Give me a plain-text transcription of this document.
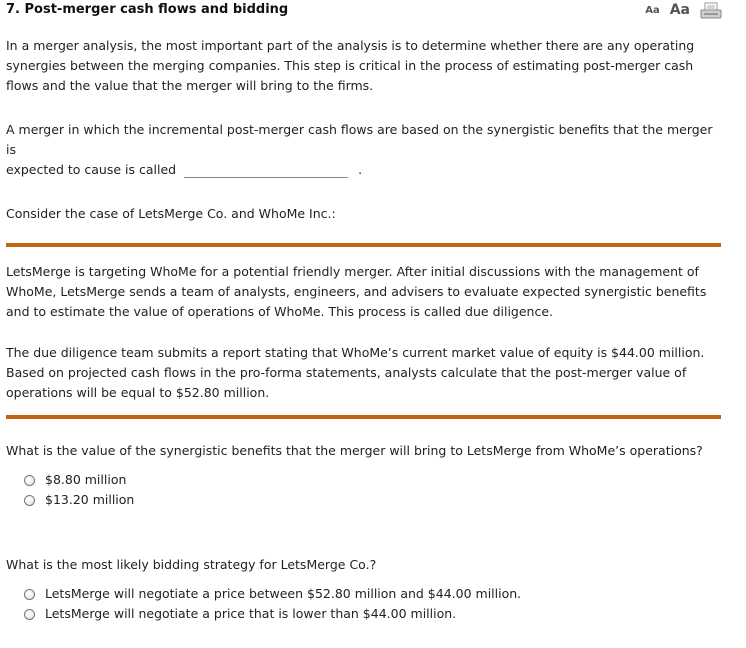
7. Post-merger cash flows and bidding	Aa Aa
In a merger analysis, the most important part of the analysis is to determine whether there are any operating synergies between the merging companies. This step is critical in the process of estimating post-merger cash flows and the value that the merger will bring to the firms.
A merger in which the incremental post-merger cash flows are based on the synergistic benefits that the merger is
expected to cause is called	.
Consider the case of LetsMerge Co. and WhoMe Inc.:
LetsMerge is targeting WhoMe for a potential friendly merger. After initial discussions with the management of WhoMe, LetsMerge sends a team of analysts, engineers, and advisers to evaluate expected synergistic benefits and to estimate the value of operations of WhoMe. This process is called due diligence.
The due diligence team submits a report stating that WhoMe’s current market value of equity is $44.00 million. Based on projected cash flows in the pro-forma statements, analysts calculate that the post-merger value of operations will be equal to $52.80 million.
What is the value of the synergistic benefits that the merger will bring to LetsMerge from WhoMe’s operations?
$8.80 million
$13.20 million
What is the most likely bidding strategy for LetsMerge Co.?
LetsMerge will negotiate a price between $52.80 million and $44.00 million.
LetsMerge will negotiate a price that is lower than $44.00 million.
